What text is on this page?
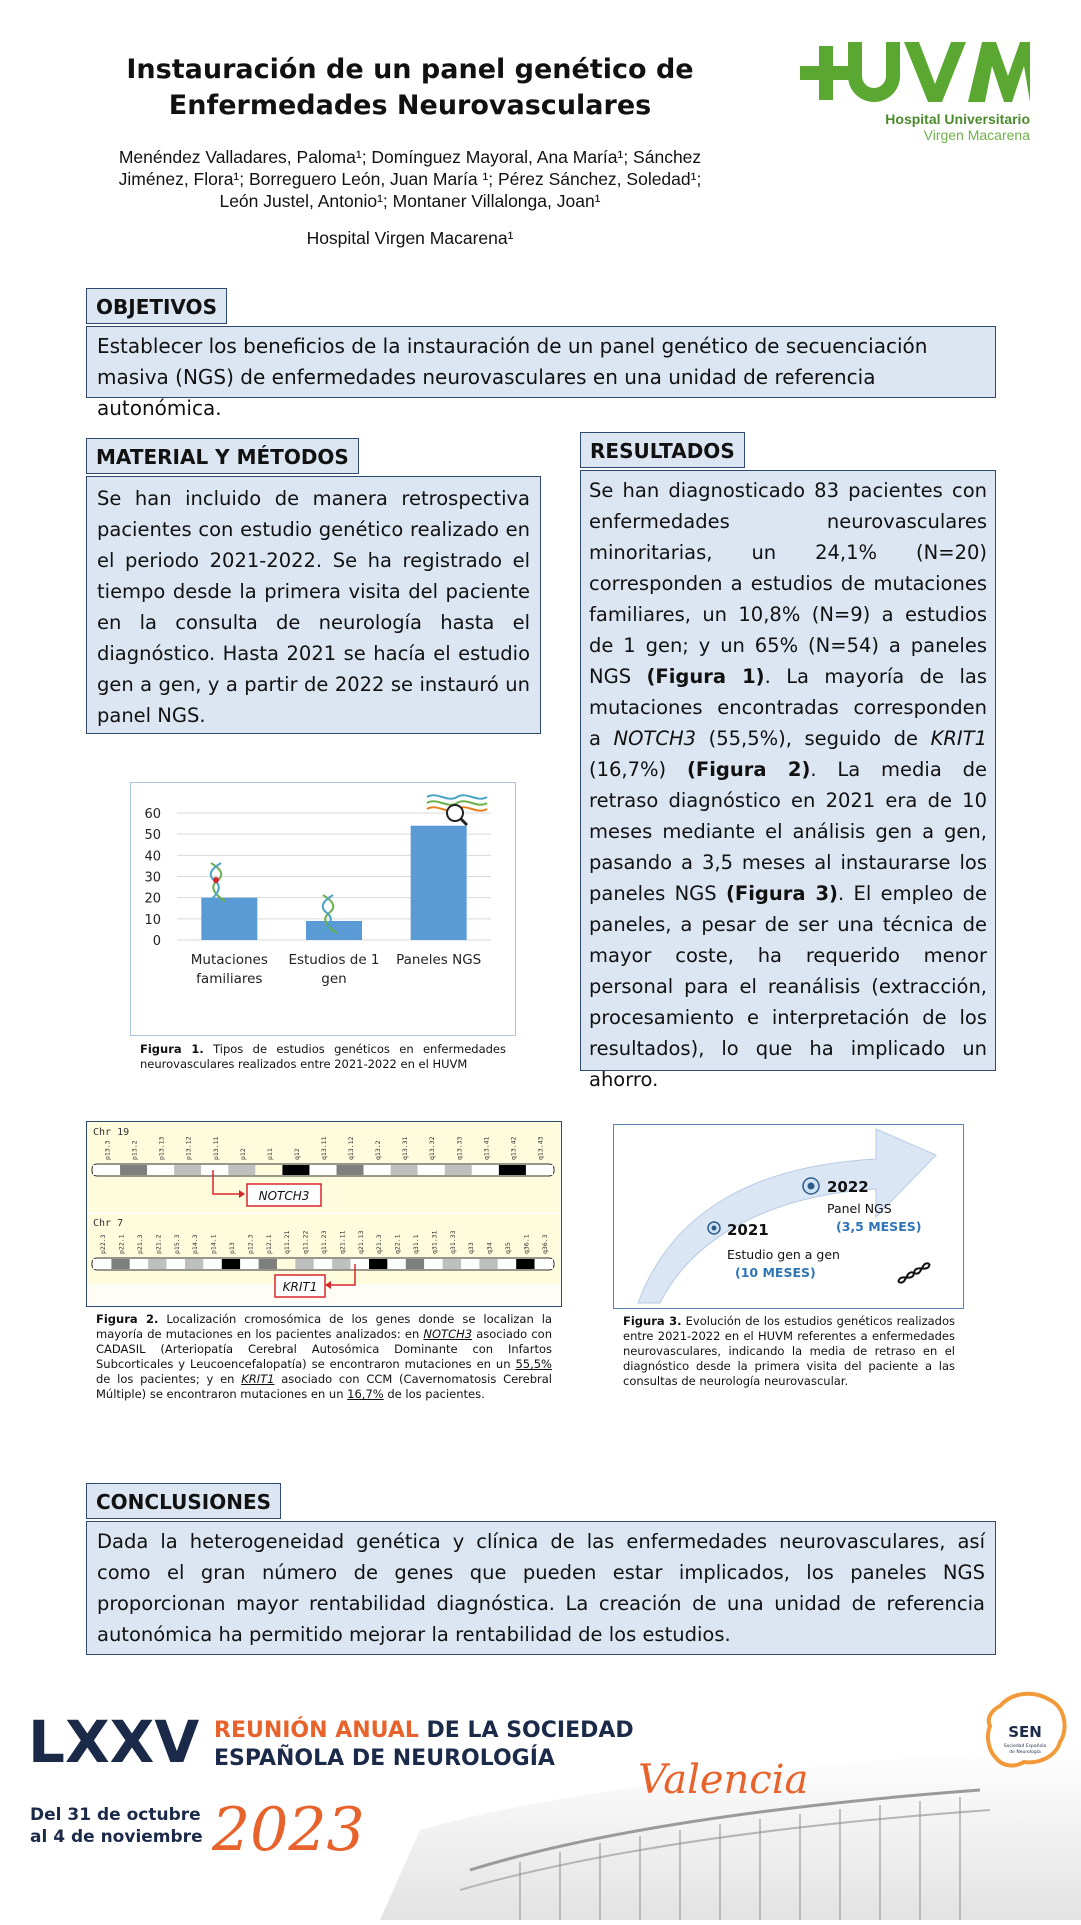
Instauración de un panel genético de
Enfermedades Neurovasculares
Menéndez Valladares, Paloma¹; Domínguez Mayoral, Ana María¹; Sánchez
Jiménez, Flora¹; Borreguero León, Juan María ¹; Pérez Sánchez, Soledad¹;
León Justel, Antonio¹; Montaner Villalonga, Joan¹
Hospital Virgen Macarena¹
Hospital Universitario
Virgen Macarena
OBJETIVOS
Establecer los beneficios de la instauración de un panel genético de secuenciación masiva (NGS) de enfermedades neurovasculares en una unidad de referencia autonómica.
MATERIAL Y MÉTODOS
Se han incluido de manera retrospectiva pacientes con estudio genético realizado en el periodo 2021-2022. Se ha registrado el tiempo desde la primera visita del paciente en la consulta de neurología hasta el diagnóstico. Hasta 2021 se hacía el estudio gen a gen, y a partir de 2022 se instauró un panel NGS.
RESULTADOS
Se han diagnosticado 83 pacientes con enfermedades neurovasculares minoritarias, un 24,1% (N=20) corresponden a estudios de mutaciones familiares, un 10,8% (N=9) a estudios de 1 gen; y un 65% (N=54) a paneles NGS (Figura 1). La mayoría de las mutaciones encontradas corresponden a NOTCH3 (55,5%), seguido de KRIT1 (16,7%) (Figura 2). La media de retraso diagnóstico en 2021 era de 10 meses mediante el análisis gen a gen, pasando a 3,5 meses al instaurarse los paneles NGS (Figura 3). El empleo de paneles, a pesar de ser una técnica de mayor coste, ha requerido menor personal para el reanálisis (extracción, procesamiento e interpretación de los resultados), lo que ha implicado un ahorro.
0
10
20
30
40
50
60
Mutaciones
familiares
Estudios de 1
gen
Paneles NGS
Figura 1. Tipos de estudios genéticos en enfermedades neurovasculares realizados entre 2021-2022 en el HUVM
Chr 19
p13.3	p13.2	p13.13	p13.12	p13.11	p12	p11	q12	q13.11	q13.12	q13.2	q13.31	q13.32	q13.33	q13.41	q13.42	q13.43
NOTCH3
Chr 7
p22.3 p22.1 p21.3 p21.2 p15.3 p14.3 p14.1 p13 p12.3 p12.1 q11.21 q11.22 q11.23 q21.11 q21.13 q21.3 q22.1 q31.1 q31.31 q31.33 q33 q34 q35 q36.1 q36.3
KRIT1
Figura 2. Localización cromosómica de los genes donde se localizan la mayoría de mutaciones en los pacientes analizados: en NOTCH3 asociado con CADASIL (Arteriopatía Cerebral Autosómica Dominante con Infartos Subcorticales y Leucoencefalopatía) se encontraron mutaciones en un 55,5% de los pacientes; y en KRIT1 asociado con CCM (Cavernomatosis Cerebral Múltiple) se encontraron mutaciones en un 16,7% de los pacientes.
2021
Estudio gen a gen
(10 MESES)
2022
Panel NGS
(3,5 MESES)
Figura 3. Evolución de los estudios genéticos realizados entre 2021-2022 en el HUVM referentes a enfermedades neurovasculares, indicando la media de retraso en el diagnóstico desde la primera visita del paciente a las consultas de neurología neurovascular.
CONCLUSIONES
Dada la heterogeneidad genética y clínica de las enfermedades neurovasculares, así como el gran número de genes que pueden estar implicados, los paneles NGS proporcionan mayor rentabilidad diagnóstica. La creación de una unidad de referencia autonómica ha permitido mejorar la rentabilidad de los estudios.
LXXV REUNIÓN ANUAL DE LA SOCIEDAD
ESPAÑOLA DE NEUROLOGÍA
Del 31 de octubre
al 4 de noviembre 2023
Valencia
SEN
Sociedad Española
de Neurología
